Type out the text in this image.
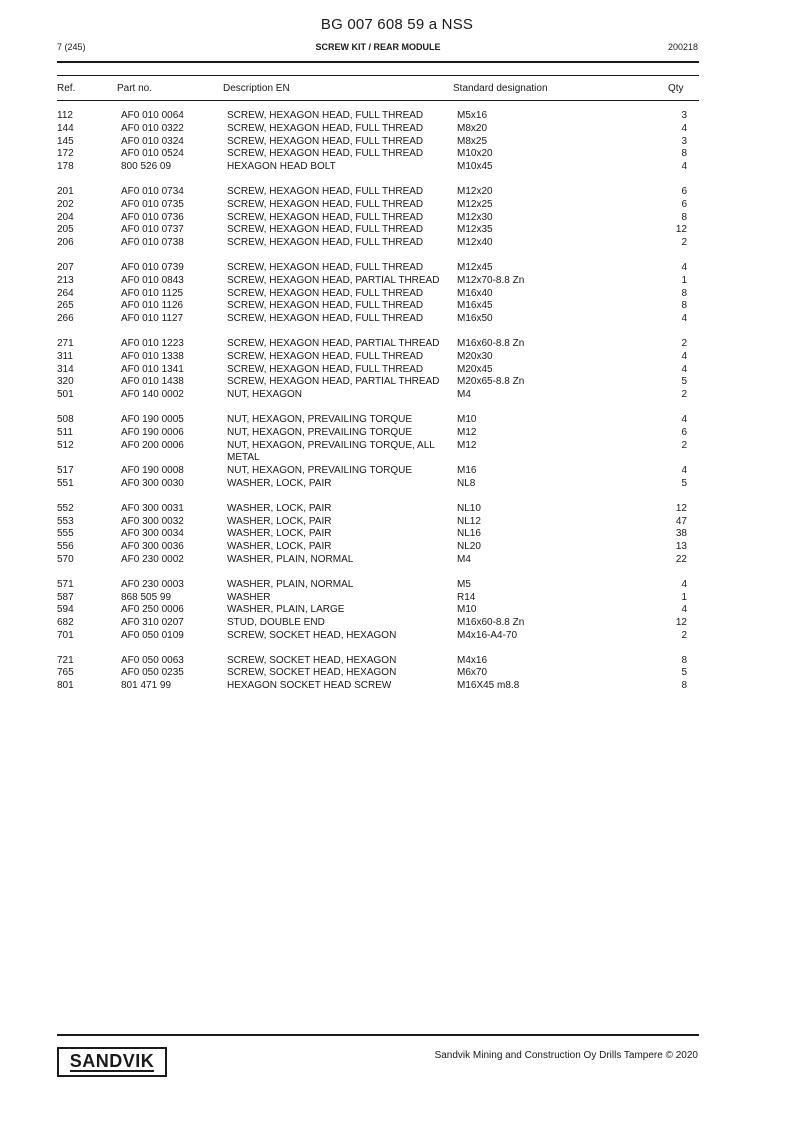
BG 007 608 59 a NSS
7 (245)	SCREW KIT / REAR MODULE	200218
Ref.	Part no.	Description EN	Standard designation	Qty
112	AF0 010 0064	SCREW, HEXAGON HEAD, FULL THREAD	M5x16	3
144	AF0 010 0322	SCREW, HEXAGON HEAD, FULL THREAD	M8x20	4
145	AF0 010 0324	SCREW, HEXAGON HEAD, FULL THREAD	M8x25	3
172	AF0 010 0524	SCREW, HEXAGON HEAD, FULL THREAD	M10x20	8
178	800 526 09	HEXAGON HEAD BOLT	M10x45	4
201	AF0 010 0734	SCREW, HEXAGON HEAD, FULL THREAD	M12x20	6
202	AF0 010 0735	SCREW, HEXAGON HEAD, FULL THREAD	M12x25	6
204	AF0 010 0736	SCREW, HEXAGON HEAD, FULL THREAD	M12x30	8
205	AF0 010 0737	SCREW, HEXAGON HEAD, FULL THREAD	M12x35	12
206	AF0 010 0738	SCREW, HEXAGON HEAD, FULL THREAD	M12x40	2
207	AF0 010 0739	SCREW, HEXAGON HEAD, FULL THREAD	M12x45	4
213	AF0 010 0843	SCREW, HEXAGON HEAD, PARTIAL THREAD	M12x70-8.8 Zn	1
264	AF0 010 1125	SCREW, HEXAGON HEAD, FULL THREAD	M16x40	8
265	AF0 010 1126	SCREW, HEXAGON HEAD, FULL THREAD	M16x45	8
266	AF0 010 1127	SCREW, HEXAGON HEAD, FULL THREAD	M16x50	4
271	AF0 010 1223	SCREW, HEXAGON HEAD, PARTIAL THREAD	M16x60-8.8 Zn	2
311	AF0 010 1338	SCREW, HEXAGON HEAD, FULL THREAD	M20x30	4
314	AF0 010 1341	SCREW, HEXAGON HEAD, FULL THREAD	M20x45	4
320	AF0 010 1438	SCREW, HEXAGON HEAD, PARTIAL THREAD	M20x65-8.8 Zn	5
501	AF0 140 0002	NUT, HEXAGON	M4	2
508	AF0 190 0005	NUT, HEXAGON, PREVAILING TORQUE	M10	4
511	AF0 190 0006	NUT, HEXAGON, PREVAILING TORQUE	M12	6
512	AF0 200 0006	NUT, HEXAGON, PREVAILING TORQUE, ALL METAL	M12	2
517	AF0 190 0008	NUT, HEXAGON, PREVAILING TORQUE	M16	4
551	AF0 300 0030	WASHER, LOCK, PAIR	NL8	5
552	AF0 300 0031	WASHER, LOCK, PAIR	NL10	12
553	AF0 300 0032	WASHER, LOCK, PAIR	NL12	47
555	AF0 300 0034	WASHER, LOCK, PAIR	NL16	38
556	AF0 300 0036	WASHER, LOCK, PAIR	NL20	13
570	AF0 230 0002	WASHER, PLAIN, NORMAL	M4	22
571	AF0 230 0003	WASHER, PLAIN, NORMAL	M5	4
587	868 505 99	WASHER	R14	1
594	AF0 250 0006	WASHER, PLAIN, LARGE	M10	4
682	AF0 310 0207	STUD, DOUBLE END	M16x60-8.8 Zn	12
701	AF0 050 0109	SCREW, SOCKET HEAD, HEXAGON	M4x16-A4-70	2
721	AF0 050 0063	SCREW, SOCKET HEAD, HEXAGON	M4x16	8
765	AF0 050 0235	SCREW, SOCKET HEAD, HEXAGON	M6x70	5
801	801 471 99	HEXAGON SOCKET HEAD SCREW	M16X45 m8.8	8
SANDVIK	Sandvik Mining and Construction Oy Drills Tampere © 2020
